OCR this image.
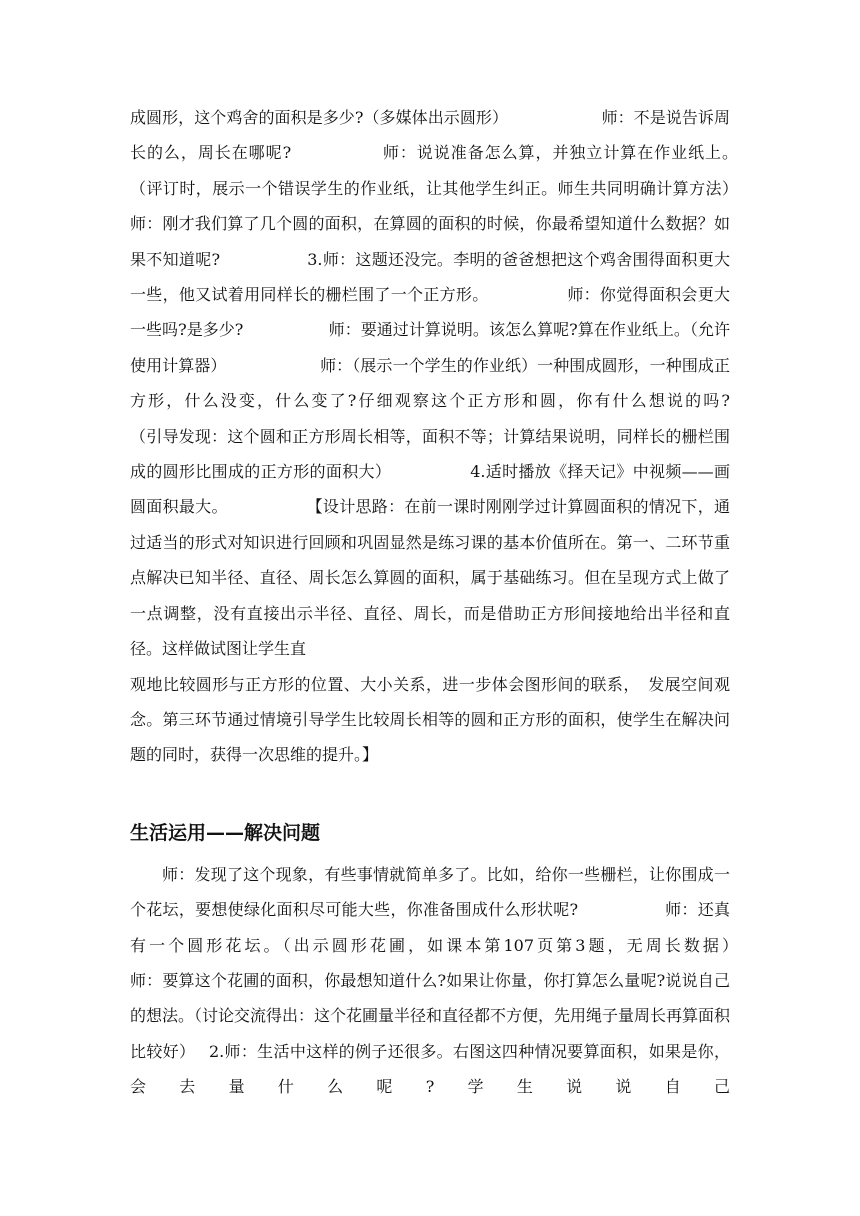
成圆形，这个鸡舍的面积是多少?（多媒体出示圆形）　　　　　　 师：不是说告诉周长的么，周长在哪呢?　　　　　 师：说说准备怎么算，并独立计算在作业纸上。　　　　　（评订时，展示一个错误学生的作业纸，让其他学生纠正。师生共同明确计算方法）　　　　　 师：刚才我们算了几个圆的面积，在算圆的面积的时候，你最希望知道什么数据？如果不知道呢?　　　　　 3.师：这题还没完。李明的爸爸想把这个鸡舍围得面积更大一些，他又试着用同样长的栅栏围了一个正方形。　　　　　 师：你觉得面积会更大一些吗?是多少?　　　　　 师：要通过计算说明。该怎么算呢?算在作业纸上。（允许使用计算器）　　　　　　 师：（展示一个学生的作业纸）一种围成圆形，一种围成正方形，什么没变，什么变了?仔细观察这个正方形和圆，你有什么想说的吗?　　　　　 （引导发现：这个圆和正方形周长相等，面积不等；计算结果说明，同样长的栅栏围成的圆形比围成的正方形的面积大）　　　　　 4.适时播放《择天记》中视频——画圆面积最大。　　　　　 【设计思路：在前一课时刚刚学过计算圆面积的情况下，通过适当的形式对知识进行回顾和巩固显然是练习课的基本价值所在。第一、二环节重点解决已知半径、直径、周长怎么算圆的面积，属于基础练习。但在呈现方式上做了一点调整，没有直接出示半径、直径、周长，而是借助正方形间接地给出半径和直径。这样做试图让学生直

观地比较圆形与正方形的位置、大小关系，进一步体会图形间的联系，　发展空间观念。第三环节通过情境引导学生比较周长相等的圆和正方形的面积，使学生在解决问题的同时，获得一次思维的提升。】

生活运用——解决问题

师：发现了这个现象，有些事情就简单多了。比如，给你一些栅栏，让你围成一个花坛，要想使绿化面积尽可能大些，你准备围成什么形状呢?　　　　　 师：还真有一个圆形花坛。（出示圆形花圃，如课本第107页第3题，无周长数据）　　　　　 师：要算这个花圃的面积，你最想知道什么?如果让你量，你打算怎么量呢?说说自己的想法。（讨论交流得出：这个花圃量半径和直径都不方便，先用绳子量周长再算面积比较好）　 2.师：生活中这样的例子还很多。右图这四种情况要算面积，如果是你，会去量什么呢?学生说说自己
